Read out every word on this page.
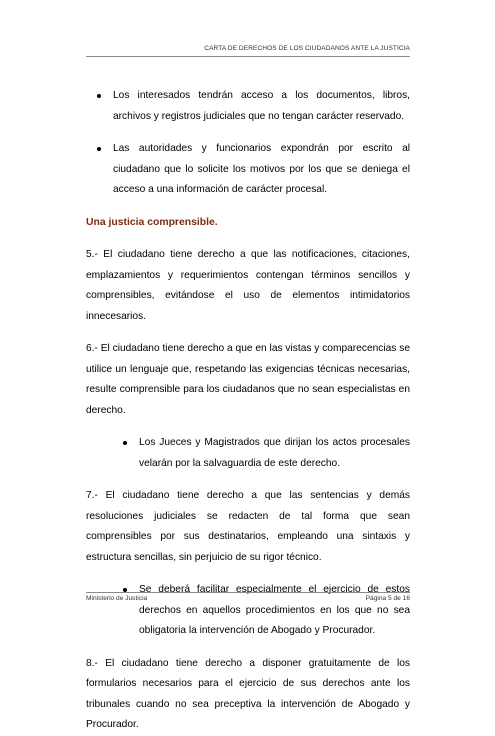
CARTA DE DERECHOS DE LOS CIUDADANOS ANTE LA JUSTICIA

Los interesados tendrán acceso a los documentos, libros, archivos y registros judiciales que no tengan carácter reservado.

Las autoridades y funcionarios expondrán por escrito al ciudadano que lo solicite los motivos por los que se deniega el acceso a una información de carácter procesal.

Una justicia comprensible.

5.- El ciudadano tiene derecho a que las notificaciones, citaciones, emplazamientos y requerimientos contengan términos sencillos y comprensibles, evitándose el uso de elementos intimidatorios innecesarios.

6.- El ciudadano tiene derecho a que en las vistas y comparecencias se utilice un lenguaje que, respetando las exigencias técnicas necesarias, resulte comprensible para los ciudadanos que no sean especialistas en derecho.

Los Jueces y Magistrados que dirijan los actos procesales velarán por la salvaguardia de este derecho.

7.- El ciudadano tiene derecho a que las sentencias y demás resoluciones judiciales se redacten de tal forma que sean comprensibles por sus destinatarios, empleando una sintaxis y estructura sencillas, sin perjuicio de su rigor técnico.

Se deberá facilitar especialmente el ejercicio de estos derechos en aquellos procedimientos en los que no sea obligatoria la intervención de Abogado y Procurador.

8.- El ciudadano tiene derecho a disponer gratuitamente de los formularios necesarios para el ejercicio de sus derechos ante los tribunales cuando no sea preceptiva la intervención de Abogado y Procurador.

Ministerio de Justicia	Página 5 de 16
